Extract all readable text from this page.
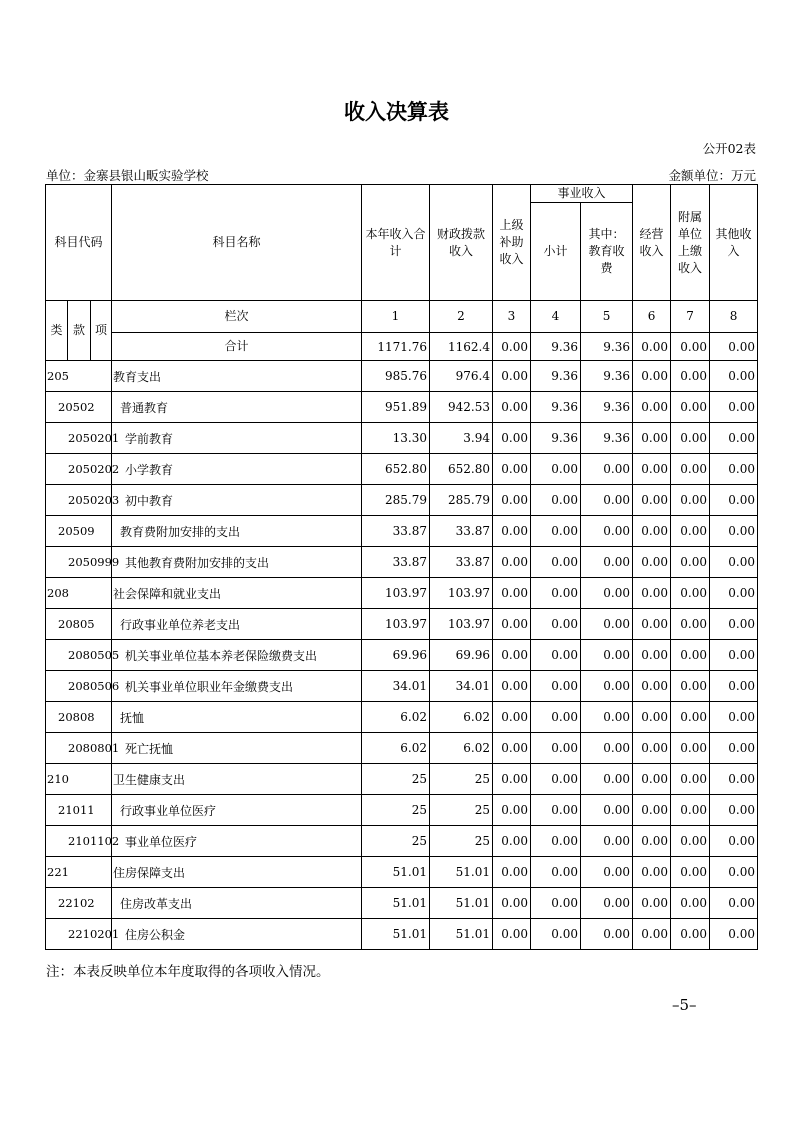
收入决算表
公开02表
单位：金寨县银山畈实验学校	金额单位：万元
科目代码			科目名称	本年收入合计	财政拨款收入	上级补助收入	事业收入		经营收入	附属单位上缴收入	其他收入
							小计	其中：教育收费			
类	款	项	栏次	1	2	3	4	5	6	7	8
			合计	1171.76	1162.4	0.00	9.36	9.36	0.00	0.00	0.00
205			教育支出	985.76	976.4	0.00	9.36	9.36	0.00	0.00	0.00
20502			普通教育	951.89	942.53	0.00	9.36	9.36	0.00	0.00	0.00
2050201			学前教育	13.30	3.94	0.00	9.36	9.36	0.00	0.00	0.00
2050202			小学教育	652.80	652.80	0.00	0.00	0.00	0.00	0.00	0.00
2050203			初中教育	285.79	285.79	0.00	0.00	0.00	0.00	0.00	0.00
20509			教育费附加安排的支出	33.87	33.87	0.00	0.00	0.00	0.00	0.00	0.00
2050999			其他教育费附加安排的支出	33.87	33.87	0.00	0.00	0.00	0.00	0.00	0.00
208			社会保障和就业支出	103.97	103.97	0.00	0.00	0.00	0.00	0.00	0.00
20805			行政事业单位养老支出	103.97	103.97	0.00	0.00	0.00	0.00	0.00	0.00
2080505			机关事业单位基本养老保险缴费支出	69.96	69.96	0.00	0.00	0.00	0.00	0.00	0.00
2080506			机关事业单位职业年金缴费支出	34.01	34.01	0.00	0.00	0.00	0.00	0.00	0.00
20808			抚恤	6.02	6.02	0.00	0.00	0.00	0.00	0.00	0.00
2080801			死亡抚恤	6.02	6.02	0.00	0.00	0.00	0.00	0.00	0.00
210			卫生健康支出	25	25	0.00	0.00	0.00	0.00	0.00	0.00
21011			行政事业单位医疗	25	25	0.00	0.00	0.00	0.00	0.00	0.00
2101102			事业单位医疗	25	25	0.00	0.00	0.00	0.00	0.00	0.00
221			住房保障支出	51.01	51.01	0.00	0.00	0.00	0.00	0.00	0.00
22102			住房改革支出	51.01	51.01	0.00	0.00	0.00	0.00	0.00	0.00
2210201			住房公积金	51.01	51.01	0.00	0.00	0.00	0.00	0.00	0.00
注：本表反映单位本年度取得的各项收入情况。
–5–
